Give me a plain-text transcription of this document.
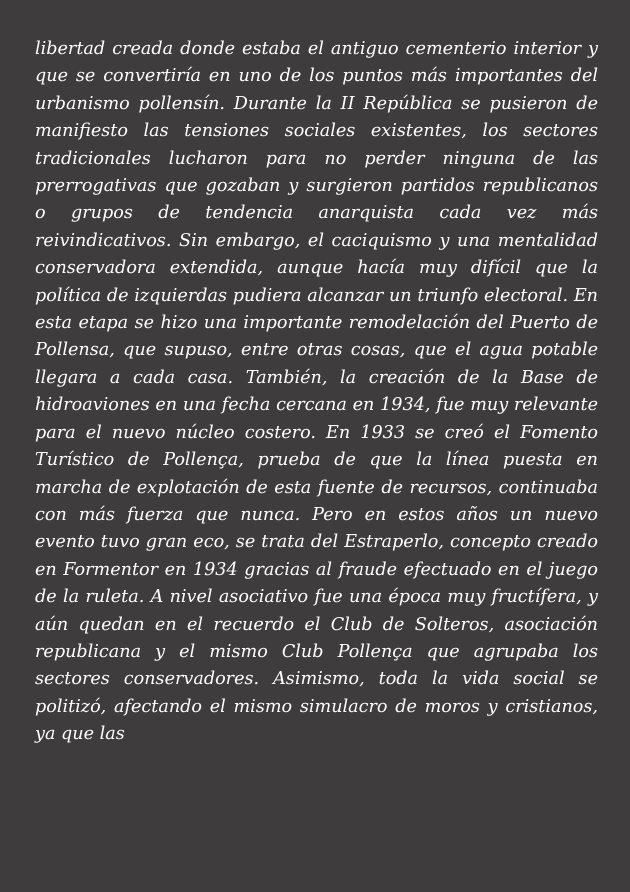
libertad creada donde estaba el antiguo cementerio interior y que se convertiría en uno de los puntos más importantes del urbanismo pollensín. Durante la II República se pusieron de manifiesto las tensiones sociales existentes, los sectores tradicionales lucharon para no perder ninguna de las prerrogativas que gozaban y surgieron partidos republicanos o grupos de tendencia anarquista cada vez más reivindicativos. Sin embargo, el caciquismo y una mentalidad conservadora extendida, aunque hacía muy difícil que la política de izquierdas pudiera alcanzar un triunfo electoral. En esta etapa se hizo una importante remodelación del Puerto de Pollensa, que supuso, entre otras cosas, que el agua potable llegara a cada casa. También, la creación de la Base de hidroaviones en una fecha cercana en 1934, fue muy relevante para el nuevo núcleo costero. En 1933 se creó el Fomento Turístico de Pollença, prueba de que la línea puesta en marcha de explotación de esta fuente de recursos, continuaba con más fuerza que nunca. Pero en estos años un nuevo evento tuvo gran eco, se trata del Estraperlo, concepto creado en Formentor en 1934 gracias al fraude efectuado en el juego de la ruleta. A nivel asociativo fue una época muy fructífera, y aún quedan en el recuerdo el Club de Solteros, asociación republicana y el mismo Club Pollença que agrupaba los sectores conservadores. Asimismo, toda la vida social se politizó, afectando el mismo simulacro de moros y cristianos, ya que las
